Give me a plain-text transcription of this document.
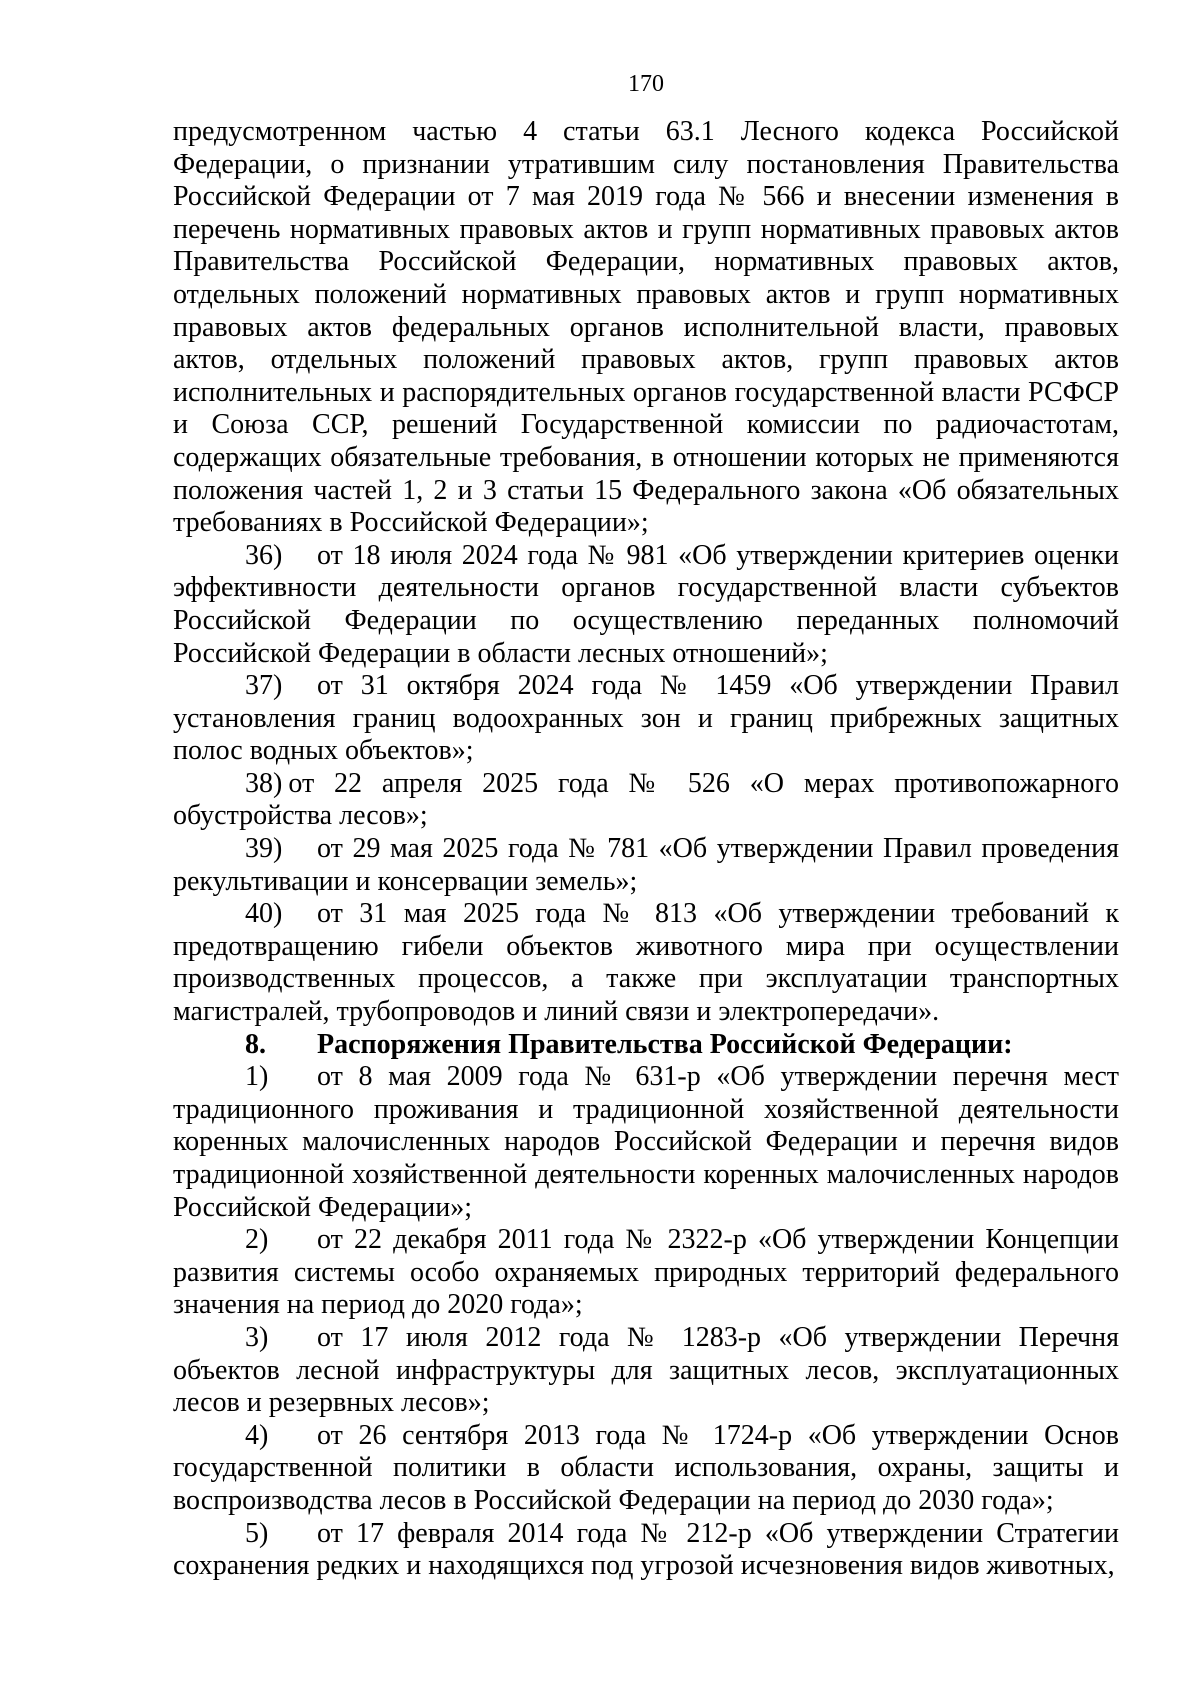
170

предусмотренном частью 4 статьи 63.1 Лесного кодекса Российской Федерации, о признании утратившим силу постановления Правительства Российской Федерации от 7 мая 2019 года № 566 и внесении изменения в перечень нормативных правовых актов и групп нормативных правовых актов Правительства Российской Федерации, нормативных правовых актов, отдельных положений нормативных правовых актов и групп нормативных правовых актов федеральных органов исполнительной власти, правовых актов, отдельных положений правовых актов, групп правовых актов исполнительных и распорядительных органов государственной власти РСФСР и Союза ССР, решений Государственной комиссии по радиочастотам, содержащих обязательные требования, в отношении которых не применяются положения частей 1, 2 и 3 статьи 15 Федерального закона «Об обязательных требованиях в Российской Федерации»;

36) от 18 июля 2024 года № 981 «Об утверждении критериев оценки эффективности деятельности органов государственной власти субъектов Российской Федерации по осуществлению переданных полномочий Российской Федерации в области лесных отношений»;

37) от 31 октября 2024 года № 1459 «Об утверждении Правил установления границ водоохранных зон и границ прибрежных защитных полос водных объектов»;

38) от 22 апреля 2025 года № 526 «О мерах противопожарного обустройства лесов»;

39) от 29 мая 2025 года № 781 «Об утверждении Правил проведения рекультивации и консервации земель»;

40) от 31 мая 2025 года № 813 «Об утверждении требований к предотвращению гибели объектов животного мира при осуществлении производственных процессов, а также при эксплуатации транспортных магистралей, трубопроводов и линий связи и электропередачи».

8. Распоряжения Правительства Российской Федерации:

1) от 8 мая 2009 года № 631-р «Об утверждении перечня мест традиционного проживания и традиционной хозяйственной деятельности коренных малочисленных народов Российской Федерации и перечня видов традиционной хозяйственной деятельности коренных малочисленных народов Российской Федерации»;

2) от 22 декабря 2011 года № 2322-р «Об утверждении Концепции развития системы особо охраняемых природных территорий федерального значения на период до 2020 года»;

3) от 17 июля 2012 года № 1283-р «Об утверждении Перечня объектов лесной инфраструктуры для защитных лесов, эксплуатационных лесов и резервных лесов»;

4) от 26 сентября 2013 года № 1724-р «Об утверждении Основ государственной политики в области использования, охраны, защиты и воспроизводства лесов в Российской Федерации на период до 2030 года»;

5) от 17 февраля 2014 года № 212-р «Об утверждении Стратегии сохранения редких и находящихся под угрозой исчезновения видов животных,
